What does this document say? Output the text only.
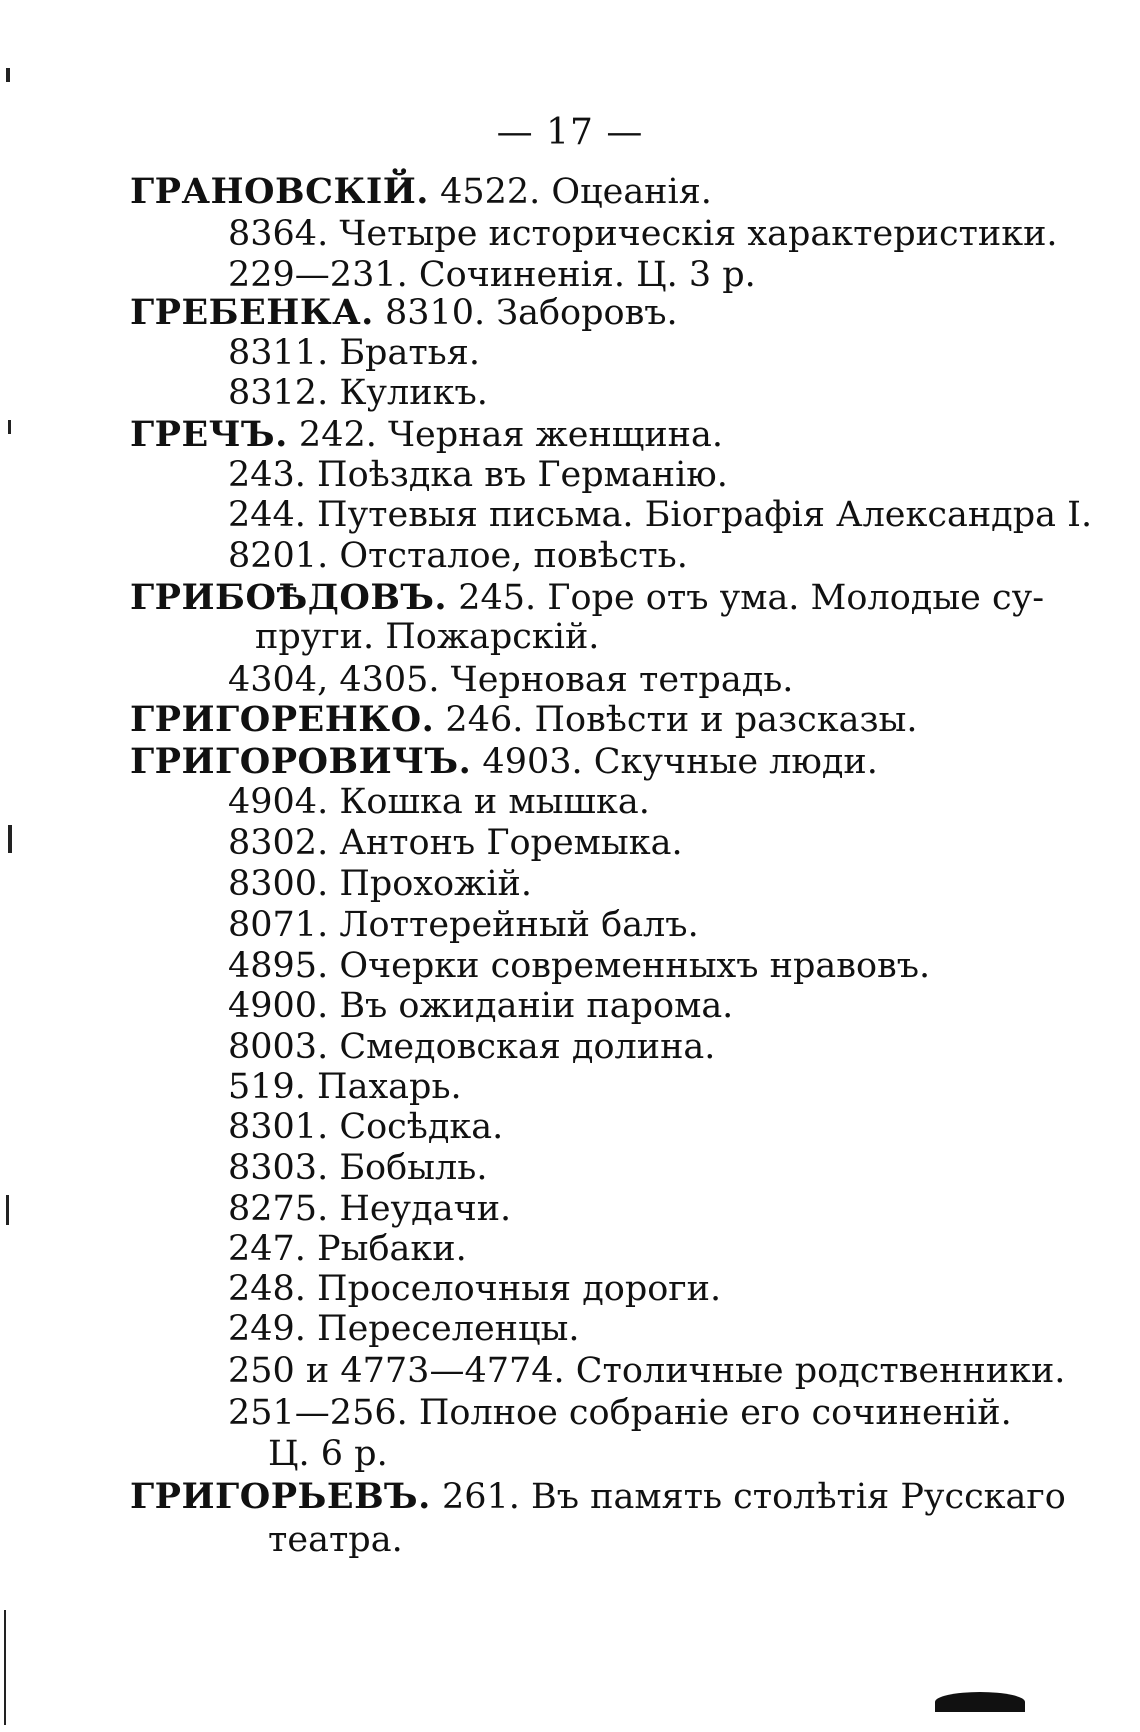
— 17 —
ГРАНОВСКІЙ. 4522. Оцеанія.
8364. Четыре историческія характеристики.
229—231. Сочиненія. Ц. 3 р.
ГРЕБЕНКА. 8310. Заборовъ.
8311. Братья.
8312. Куликъ.
ГРЕЧЪ. 242. Черная женщина.
243. Поѣздка въ Германію.
244. Путевыя письма. Біографія Александра І.
8201. Отсталое, повѣсть.
ГРИБОѢДОВЪ. 245. Горе отъ ума. Молодые су-
пруги. Пожарскій.
4304, 4305. Черновая тетрадь.
ГРИГОРЕНКО. 246. Повѣсти и разсказы.
ГРИГОРОВИЧЪ. 4903. Скучные люди.
4904. Кошка и мышка.
8302. Антонъ Горемыка.
8300. Прохожій.
8071. Лоттерейный балъ.
4895. Очерки современныхъ нравовъ.
4900. Въ ожиданіи парома.
8003. Смедовская долина.
519. Пахарь.
8301. Сосѣдка.
8303. Бобыль.
8275. Неудачи.
247. Рыбаки.
248. Проселочныя дороги.
249. Переселенцы.
250 и 4773—4774. Столичные родственники.
251—256. Полное собраніе его сочиненій.
Ц. 6 р.
ГРИГОРЬЕВЪ. 261. Въ память столѣтія Русскаго
театра.
